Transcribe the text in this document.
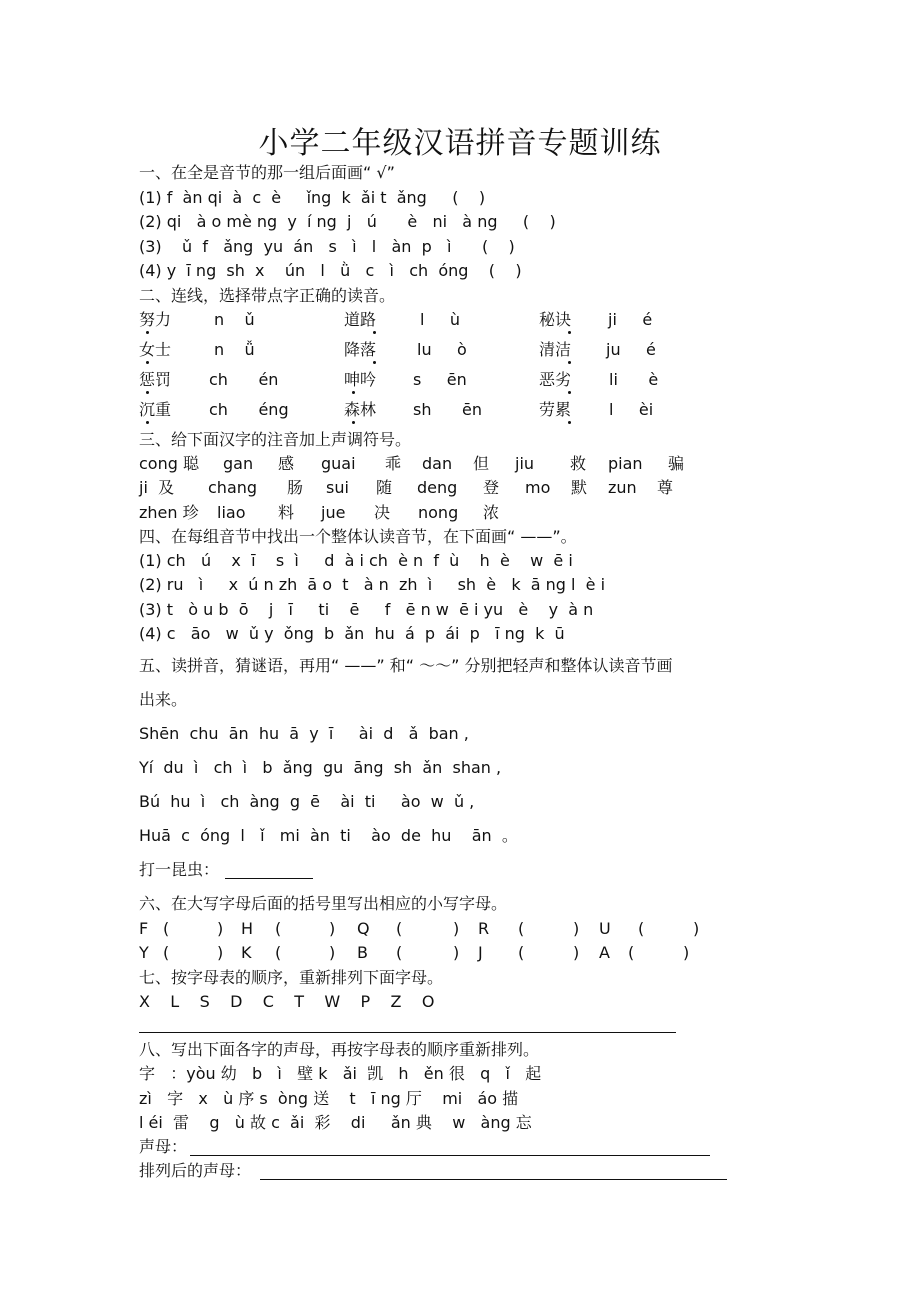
小学二年级汉语拼音专题训练
一、在全是音节的那一组后面画“ √”
(1) f  àn qi  à  c  è     ǐng  k  ǎi t  ǎng     (    )
(2) qi   à o mè ng  y  í ng  j   ú      è   ni   à ng     (    )
(3)    ǔ  f   ǎng  yu  án   s   ì   l   àn  p   ì      (    )
(4) y  ī ng  sh  x    ún   l   ǜ   c   ì   ch  óng    (    )
二、连线，选择带点字正确的读音。
努力	n    ǔ	道路	l     ù	秘诀 ji     é
女士	n    ǚ	降落	lu     ò	清洁 ju     é
惩罚 ch      én	呻吟 s     ēn	恶劣 li      è
沉重 ch      éng	森林 sh      ēn	劳累 l     èi
三、给下面汉字的注音加上声调符号。
cong 聪 gan 感 guai 乖 dan 但 jiu 救 pian 骗
ji  及 chang 肠 sui 随 deng 登 mo 默 zun 尊
zhen 珍 liao 料 jue 决 nong 浓
四、在每组音节中找出一个整体认读音节，在下面画“ ——”。
(1) ch   ú    x  ī    s  ì     d  à i ch  è n  f  ù    h  è    w  ē i
(2) ru   ì     x  ú n zh  ā o  t   à n  zh  ì     sh  è   k  ā ng l  è i
(3) t   ò u b  ō    j   ī     ti    ē     f   ē n w  ē i yu   è    y  à n
(4) c   āo   w  ǔ y  ǒng  b  ǎn  hu  á  p  ái  p   ī ng  k  ū
五、读拼音，猜谜语，再用“ ——” 和“ ～～” 分别把轻声和整体认读音节画
出来。
Shēn  chu  ān  hu  ā  y  ī     ài  d   ǎ  ban ,
Yí  du  ì   ch  ì   b  ǎng  gu  āng  sh  ǎn  shan ,
Bú  hu  ì   ch  àng  g  ē    ài  ti     ào  w  ǔ ,
Huā  c  óng  l   ǐ   mi  àn  ti    ào  de  hu    ān  。
打一昆虫：
六、在大写字母后面的括号里写出相应的小写字母。
F (	) H (	) Q (	) R (	) U (	)
Y (	) K (	) B (	) J (	) A (	)
七、按字母表的顺序，重新排列下面字母。
X    L    S    D    C    T    W    P    Z    O
八、写出下面各字的声母，再按字母表的顺序重新排列。
字   ：yòu 幼   b   ì   壁 k   ǎi  凯   h   ěn 很   q   ǐ   起
zì   字   x   ù 序 s  òng 送    t   ī ng 厅    mi   áo 描
l éi  雷    g   ù 故 c  ǎi  彩    di     ǎn 典    w   àng 忘
声母：
排列后的声母：
